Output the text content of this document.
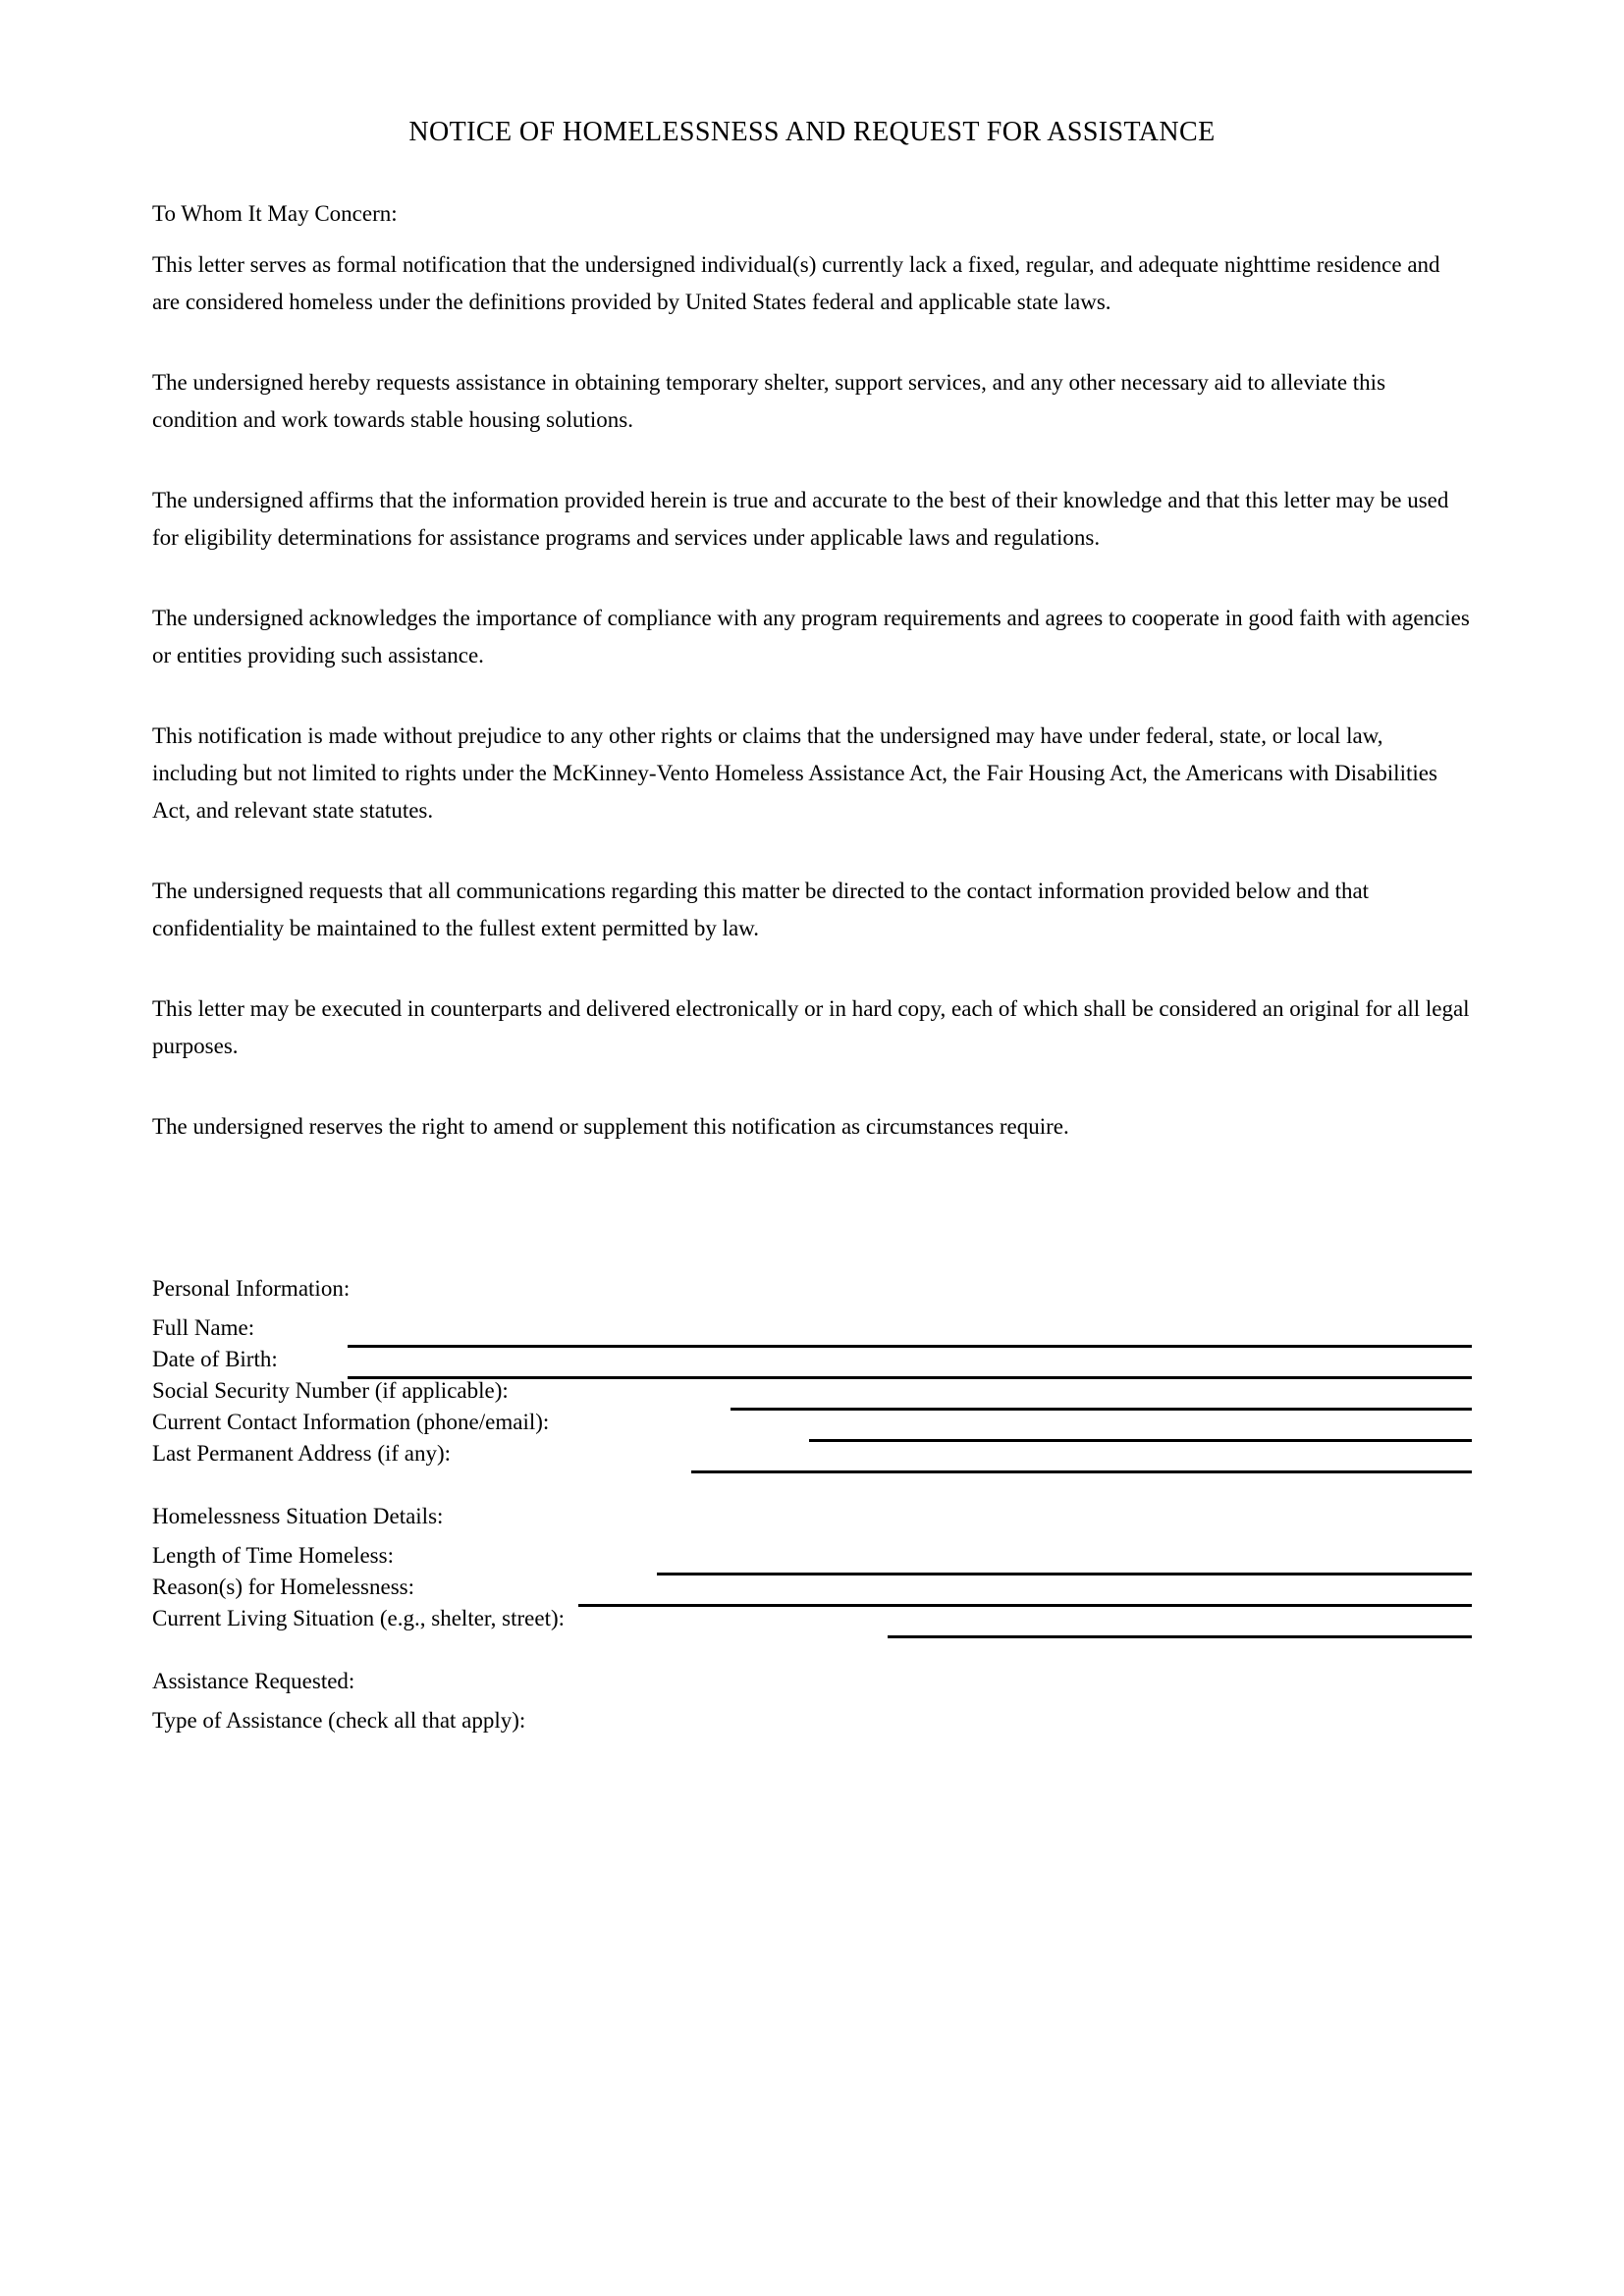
NOTICE OF HOMELESSNESS AND REQUEST FOR ASSISTANCE
To Whom It May Concern:

This letter serves as formal notification that the undersigned individual(s) currently lack a fixed, regular, and adequate nighttime residence and are considered homeless under the definitions provided by United States federal and applicable state laws.

The undersigned hereby requests assistance in obtaining temporary shelter, support services, and any other necessary aid to alleviate this condition and work towards stable housing solutions.

The undersigned affirms that the information provided herein is true and accurate to the best of their knowledge and that this letter may be used for eligibility determinations for assistance programs and services under applicable laws and regulations.

The undersigned acknowledges the importance of compliance with any program requirements and agrees to cooperate in good faith with agencies or entities providing such assistance.

This notification is made without prejudice to any other rights or claims that the undersigned may have under federal, state, or local law, including but not limited to rights under the McKinney-Vento Homeless Assistance Act, the Fair Housing Act, the Americans with Disabilities Act, and relevant state statutes.

The undersigned requests that all communications regarding this matter be directed to the contact information provided below and that confidentiality be maintained to the fullest extent permitted by law.

This letter may be executed in counterparts and delivered electronically or in hard copy, each of which shall be considered an original for all legal purposes.

The undersigned reserves the right to amend or supplement this notification as circumstances require.

Personal Information:
Full Name:
Date of Birth:
Social Security Number (if applicable):
Current Contact Information (phone/email):
Last Permanent Address (if any):
Homelessness Situation Details:
Length of Time Homeless:
Reason(s) for Homelessness:
Current Living Situation (e.g., shelter, street):
Assistance Requested:
Type of Assistance (check all that apply):
